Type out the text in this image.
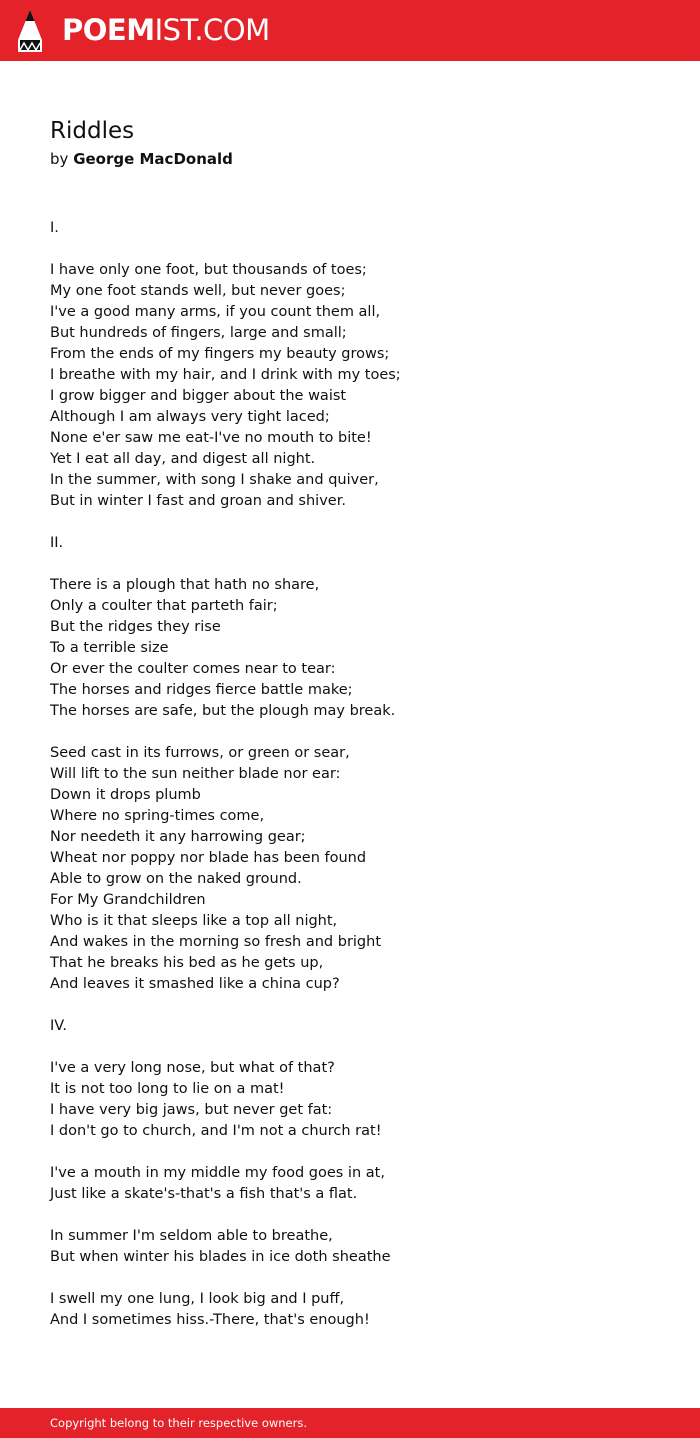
POEMIST.COM
Riddles
by George MacDonald
I.
I have only one foot, but thousands of toes;
My one foot stands well, but never goes;
I've a good many arms, if you count them all,
But hundreds of fingers, large and small;
From the ends of my fingers my beauty grows;
I breathe with my hair, and I drink with my toes;
I grow bigger and bigger about the waist
Although I am always very tight laced;
None e'er saw me eat-I've no mouth to bite!
Yet I eat all day, and digest all night.
In the summer, with song I shake and quiver,
But in winter I fast and groan and shiver.
II.
There is a plough that hath no share,
Only a coulter that parteth fair;
But the ridges they rise
To a terrible size
Or ever the coulter comes near to tear:
The horses and ridges fierce battle make;
The horses are safe, but the plough may break.
Seed cast in its furrows, or green or sear,
Will lift to the sun neither blade nor ear:
Down it drops plumb
Where no spring-times come,
Nor needeth it any harrowing gear;
Wheat nor poppy nor blade has been found
Able to grow on the naked ground.
For My Grandchildren
Who is it that sleeps like a top all night,
And wakes in the morning so fresh and bright
That he breaks his bed as he gets up,
And leaves it smashed like a china cup?
IV.
I've a very long nose, but what of that?
It is not too long to lie on a mat!
I have very big jaws, but never get fat:
I don't go to church, and I'm not a church rat!
I've a mouth in my middle my food goes in at,
Just like a skate's-that's a fish that's a flat.
In summer I'm seldom able to breathe,
But when winter his blades in ice doth sheathe
I swell my one lung, I look big and I puff,
And I sometimes hiss.-There, that's enough!
Copyright belong to their respective owners.
